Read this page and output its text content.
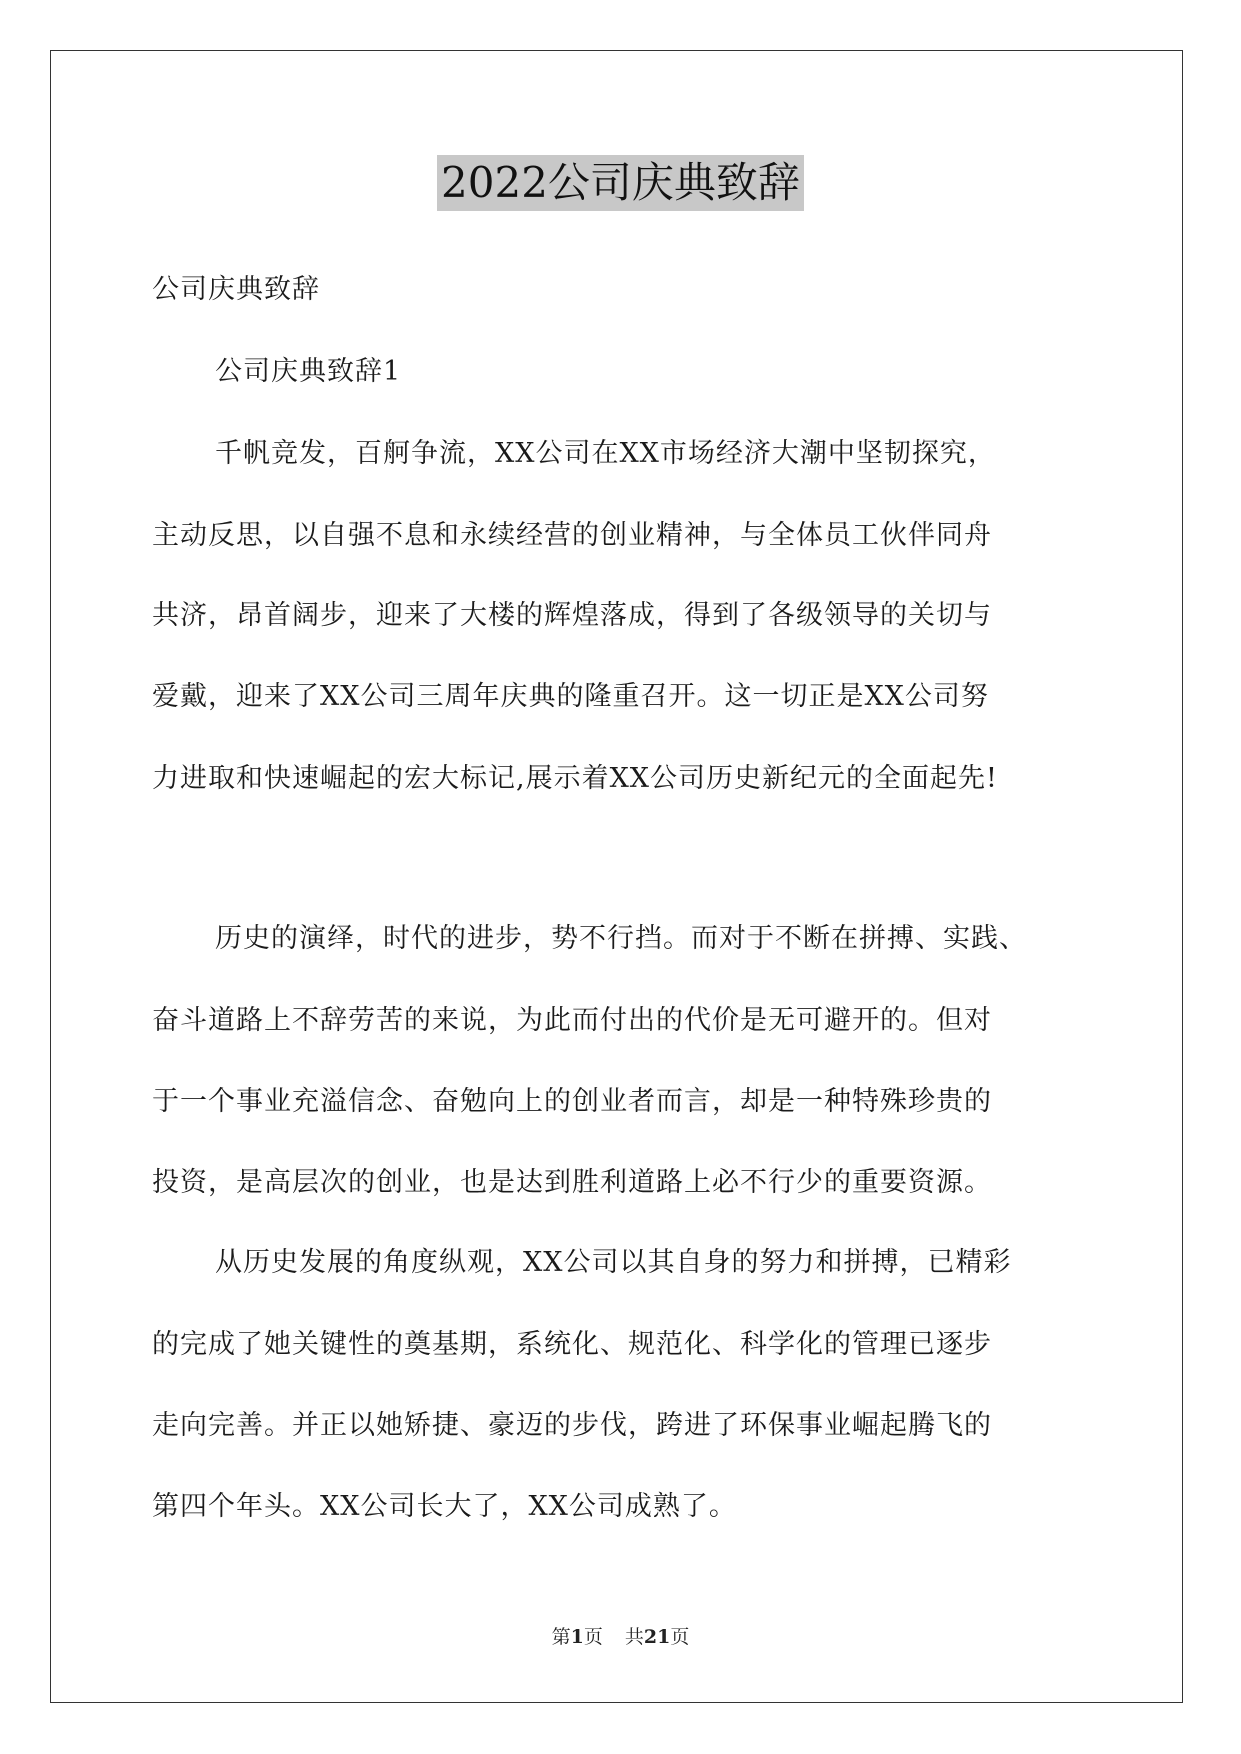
2022公司庆典致辞
公司庆典致辞
公司庆典致辞1
千帆竞发，百舸争流，XX公司在XX市场经济大潮中坚韧探究，
主动反思，以自强不息和永续经营的创业精神，与全体员工伙伴同舟
共济，昂首阔步，迎来了大楼的辉煌落成，得到了各级领导的关切与
爱戴，迎来了XX公司三周年庆典的隆重召开。这一切正是XX公司努
力进取和快速崛起的宏大标记,展示着XX公司历史新纪元的全面起先!
历史的演绎，时代的进步，势不行挡。而对于不断在拼搏、实践、
奋斗道路上不辞劳苦的来说，为此而付出的代价是无可避开的。但对
于一个事业充溢信念、奋勉向上的创业者而言，却是一种特殊珍贵的
投资，是高层次的创业，也是达到胜利道路上必不行少的重要资源。
从历史发展的角度纵观，XX公司以其自身的努力和拼搏，已精彩
的完成了她关键性的奠基期，系统化、规范化、科学化的管理已逐步
走向完善。并正以她矫捷、豪迈的步伐，跨进了环保事业崛起腾飞的
第四个年头。XX公司长大了，XX公司成熟了。
第1页 共21页
